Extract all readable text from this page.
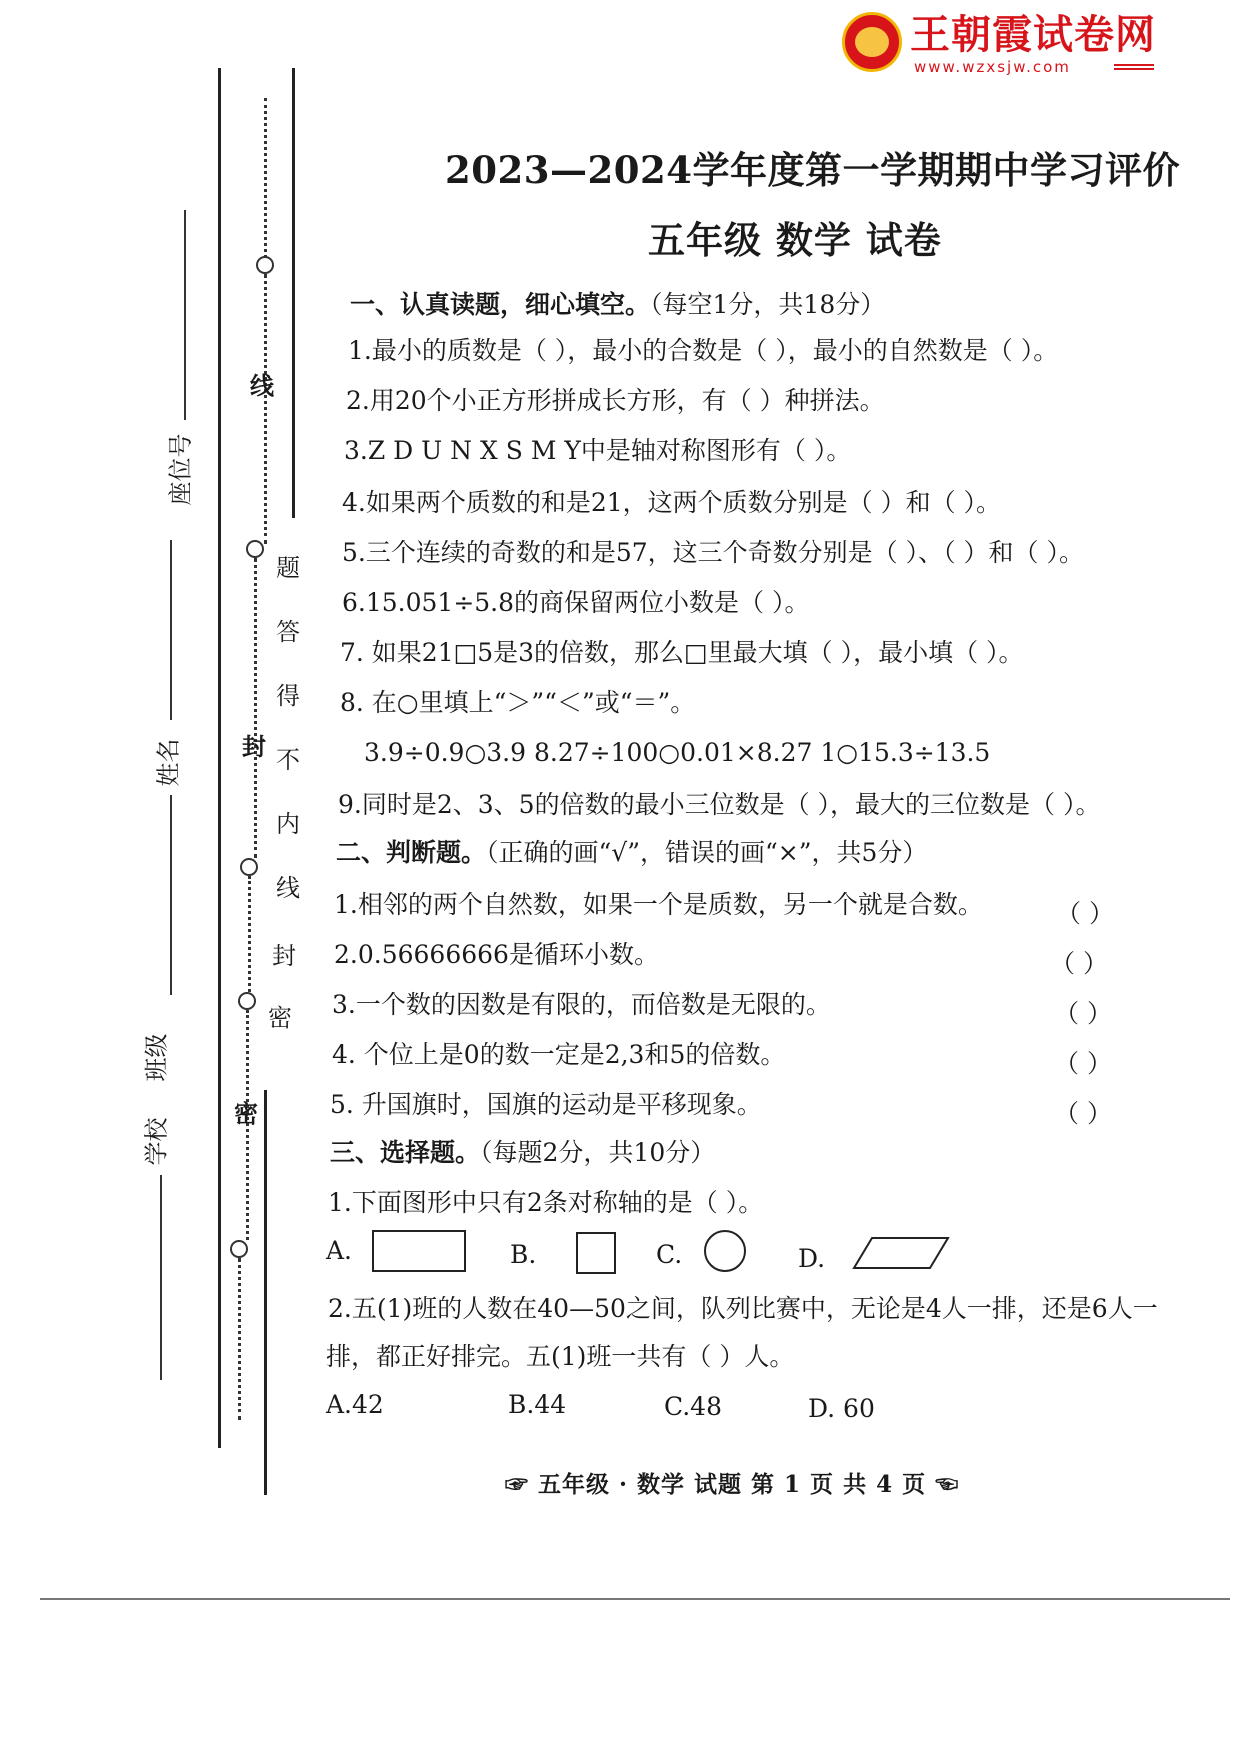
王朝霞试卷网
www.wzxsjw.com
线
封
密
题
答
得
不
内
线
封
密
座位号
姓名
班级
学校
2023—2024学年度第一学期期中学习评价
五年级 数学 试卷
一、认真读题，细心填空。（每空1分，共18分）
1.最小的质数是（ ），最小的合数是（ ），最小的自然数是（ ）。
2.用20个小正方形拼成长方形，有（ ）种拼法。
3.Z D U N X S M Y中是轴对称图形有（ ）。
4.如果两个质数的和是21，这两个质数分别是（ ）和（ ）。
5.三个连续的奇数的和是57，这三个奇数分别是（ ）、（ ）和（ ）。
6.15.051÷5.8的商保留两位小数是（ ）。
7. 如果21□5是3的倍数，那么□里最大填（ ），最小填（ ）。
8. 在○里填上“＞”“＜”或“＝”。
3.9÷0.9○3.9 8.27÷100○0.01×8.27 1○15.3÷13.5
9.同时是2、3、5的倍数的最小三位数是（ ），最大的三位数是（ ）。
二、判断题。（正确的画“√”，错误的画“×”，共5分）
1.相邻的两个自然数，如果一个是质数，另一个就是合数。	（ ）
2.0.56666666是循环小数。	（ ）
3.一个数的因数是有限的，而倍数是无限的。	（ ）
4. 个位上是0的数一定是2,3和5的倍数。	（ ）
5. 升国旗时，国旗的运动是平移现象。	（ ）
三、选择题。（每题2分，共10分）
1.下面图形中只有2条对称轴的是（ ）。
A.	B.	C.	D.
2.五(1)班的人数在40—50之间，队列比赛中，无论是4人一排，还是6人一
排，都正好排完。五(1)班一共有（ ）人。
A.42	B.44	C.48	D. 60
☞ 五年级 · 数学 试题 第 1 页 共 4 页 ☜
